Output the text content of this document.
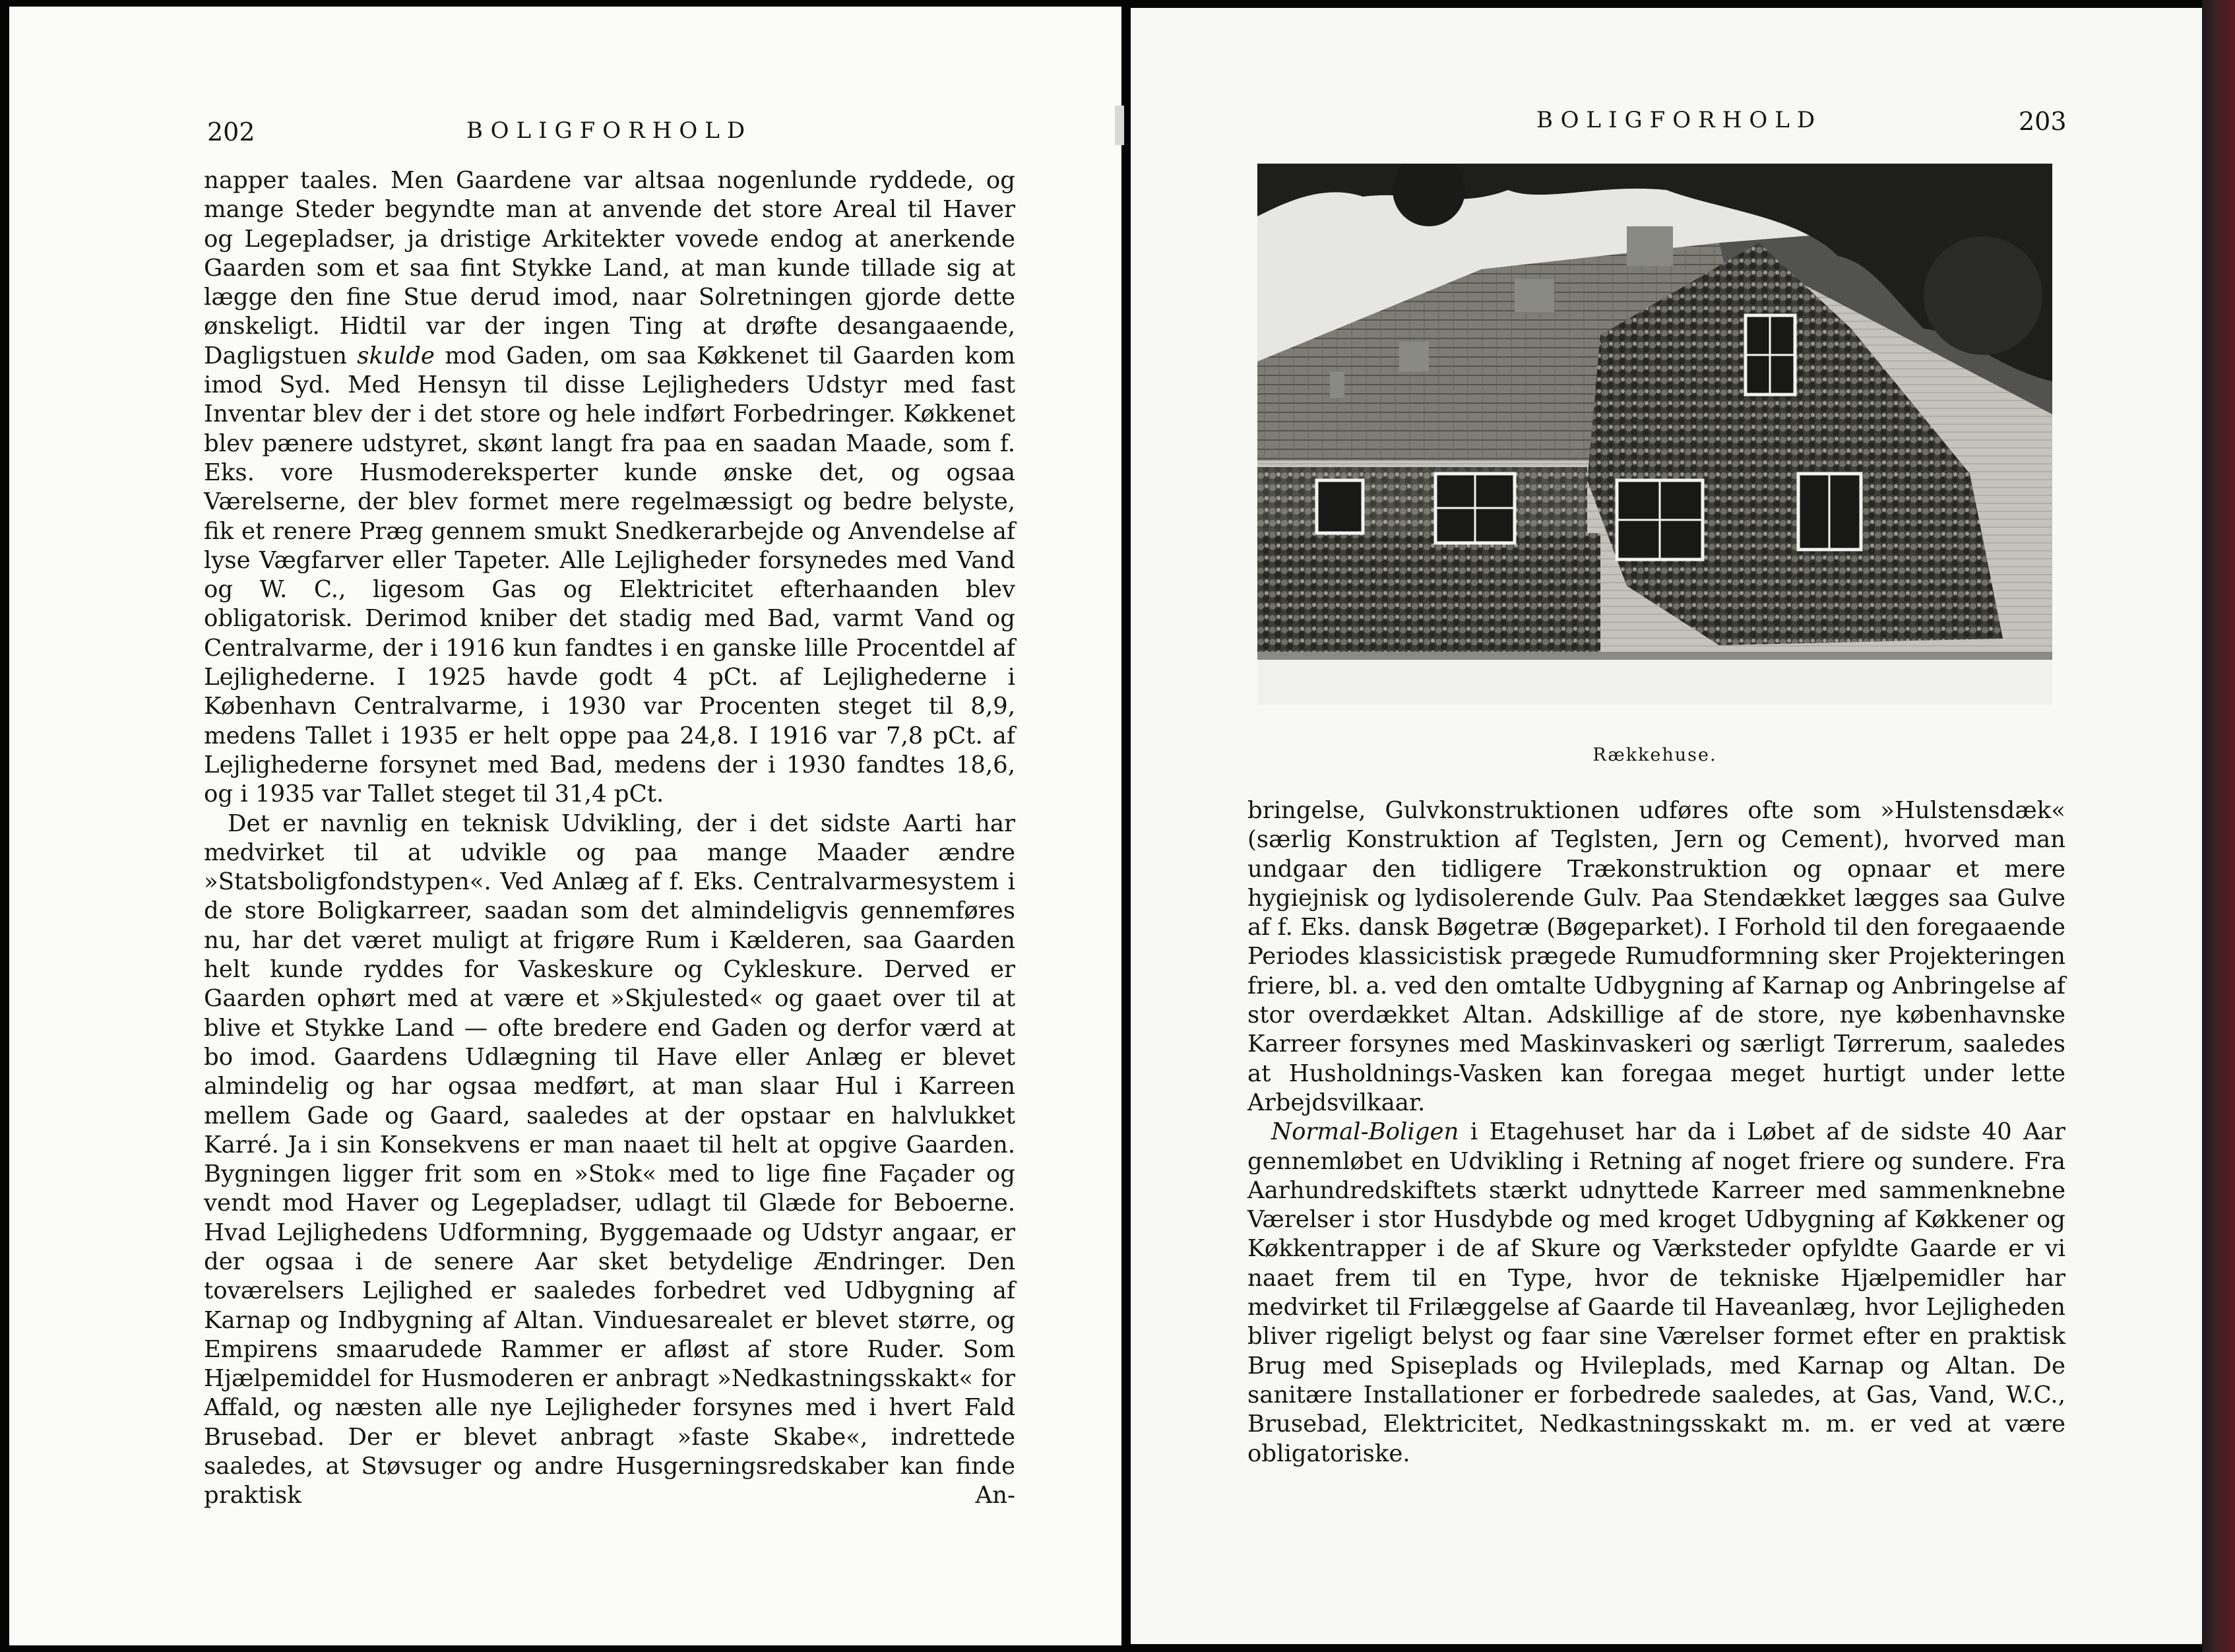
202	BOLIGFORHOLD

napper taales. Men Gaardene var altsaa nogenlunde ryddede, og mange Steder begyndte man at anvende det store Areal til Haver og Legepladser, ja dristige Arkitekter vovede endog at anerkende Gaarden som et saa fint Stykke Land, at man kunde tillade sig at lægge den fine Stue derud imod, naar Solretningen gjorde dette ønskeligt. Hidtil var der ingen Ting at drøfte desangaaende, Dagligstuen skulde mod Gaden, om saa Køkkenet til Gaarden kom imod Syd. Med Hensyn til disse Lejligheders Udstyr med fast Inventar blev der i det store og hele indført Forbedringer. Køkkenet blev pænere udstyret, skønt langt fra paa en saadan Maade, som f. Eks. vore Husmodereksperter kunde ønske det, og ogsaa Værelserne, der blev formet mere regelmæssigt og bedre belyste, fik et renere Præg gennem smukt Snedkerarbejde og Anvendelse af lyse Vægfarver eller Tapeter. Alle Lejligheder forsynedes med Vand og W. C., ligesom Gas og Elektricitet efterhaanden blev obligatorisk. Derimod kniber det stadig med Bad, varmt Vand og Centralvarme, der i 1916 kun fandtes i en ganske lille Procentdel af Lejlighederne. I 1925 havde godt 4 pCt. af Lejlighederne i København Centralvarme, i 1930 var Procenten steget til 8,9, medens Tallet i 1935 er helt oppe paa 24,8. I 1916 var 7,8 pCt. af Lejlighederne forsynet med Bad, medens der i 1930 fandtes 18,6, og i 1935 var Tallet steget til 31,4 pCt.

Det er navnlig en teknisk Udvikling, der i det sidste Aarti har medvirket til at udvikle og paa mange Maader ændre »Statsboligfondstypen«. Ved Anlæg af f. Eks. Centralvarmesystem i de store Boligkarreer, saadan som det almindeligvis gennemføres nu, har det været muligt at frigøre Rum i Kælderen, saa Gaarden helt kunde ryddes for Vaskeskure og Cykleskure. Derved er Gaarden ophørt med at være et »Skjulested« og gaaet over til at blive et Stykke Land — ofte bredere end Gaden og derfor værd at bo imod. Gaardens Udlægning til Have eller Anlæg er blevet almindelig og har ogsaa medført, at man slaar Hul i Karreen mellem Gade og Gaard, saaledes at der opstaar en halvlukket Karré. Ja i sin Konsekvens er man naaet til helt at opgive Gaarden. Bygningen ligger frit som en »Stok« med to lige fine Façader og vendt mod Haver og Legepladser, udlagt til Glæde for Beboerne. Hvad Lejlighedens Udformning, Byggemaade og Udstyr angaar, er der ogsaa i de senere Aar sket betydelige Ændringer. Den toværelsers Lejlighed er saaledes forbedret ved Udbygning af Karnap og Indbygning af Altan. Vinduesarealet er blevet større, og Empirens smaarudede Rammer er afløst af store Ruder. Som Hjælpemiddel for Husmoderen er anbragt »Nedkastningsskakt« for Affald, og næsten alle nye Lejligheder forsynes med i hvert Fald Brusebad. Der er blevet anbragt »faste Skabe«, indrettede saaledes, at Støvsuger og andre Husgerningsredskaber kan finde praktisk An-

BOLIGFORHOLD	203
Rækkehuse.

bringelse, Gulvkonstruktionen udføres ofte som »Hulstensdæk« (særlig Konstruktion af Teglsten, Jern og Cement), hvorved man undgaar den tidligere Trækonstruktion og opnaar et mere hygiejnisk og lydisolerende Gulv. Paa Stendækket lægges saa Gulve af f. Eks. dansk Bøgetræ (Bøgeparket). I Forhold til den foregaaende Periodes klassicistisk prægede Rumudformning sker Projekteringen friere, bl. a. ved den omtalte Udbygning af Karnap og Anbringelse af stor overdækket Altan. Adskillige af de store, nye københavnske Karreer forsynes med Maskinvaskeri og særligt Tørrerum, saaledes at Husholdnings-Vasken kan foregaa meget hurtigt under lette Arbejdsvilkaar.

Normal-Boligen i Etagehuset har da i Løbet af de sidste 40 Aar gennemløbet en Udvikling i Retning af noget friere og sundere. Fra Aarhundredskiftets stærkt udnyttede Karreer med sammenknebne Værelser i stor Husdybde og med kroget Udbygning af Køkkener og Køkkentrapper i de af Skure og Værksteder opfyldte Gaarde er vi naaet frem til en Type, hvor de tekniske Hjælpemidler har medvirket til Frilæggelse af Gaarde til Haveanlæg, hvor Lejligheden bliver rigeligt belyst og faar sine Værelser formet efter en praktisk Brug med Spiseplads og Hvileplads, med Karnap og Altan. De sanitære Installationer er forbedrede saaledes, at Gas, Vand, W.C., Brusebad, Elektricitet, Nedkastningsskakt m. m. er ved at være obligatoriske.
